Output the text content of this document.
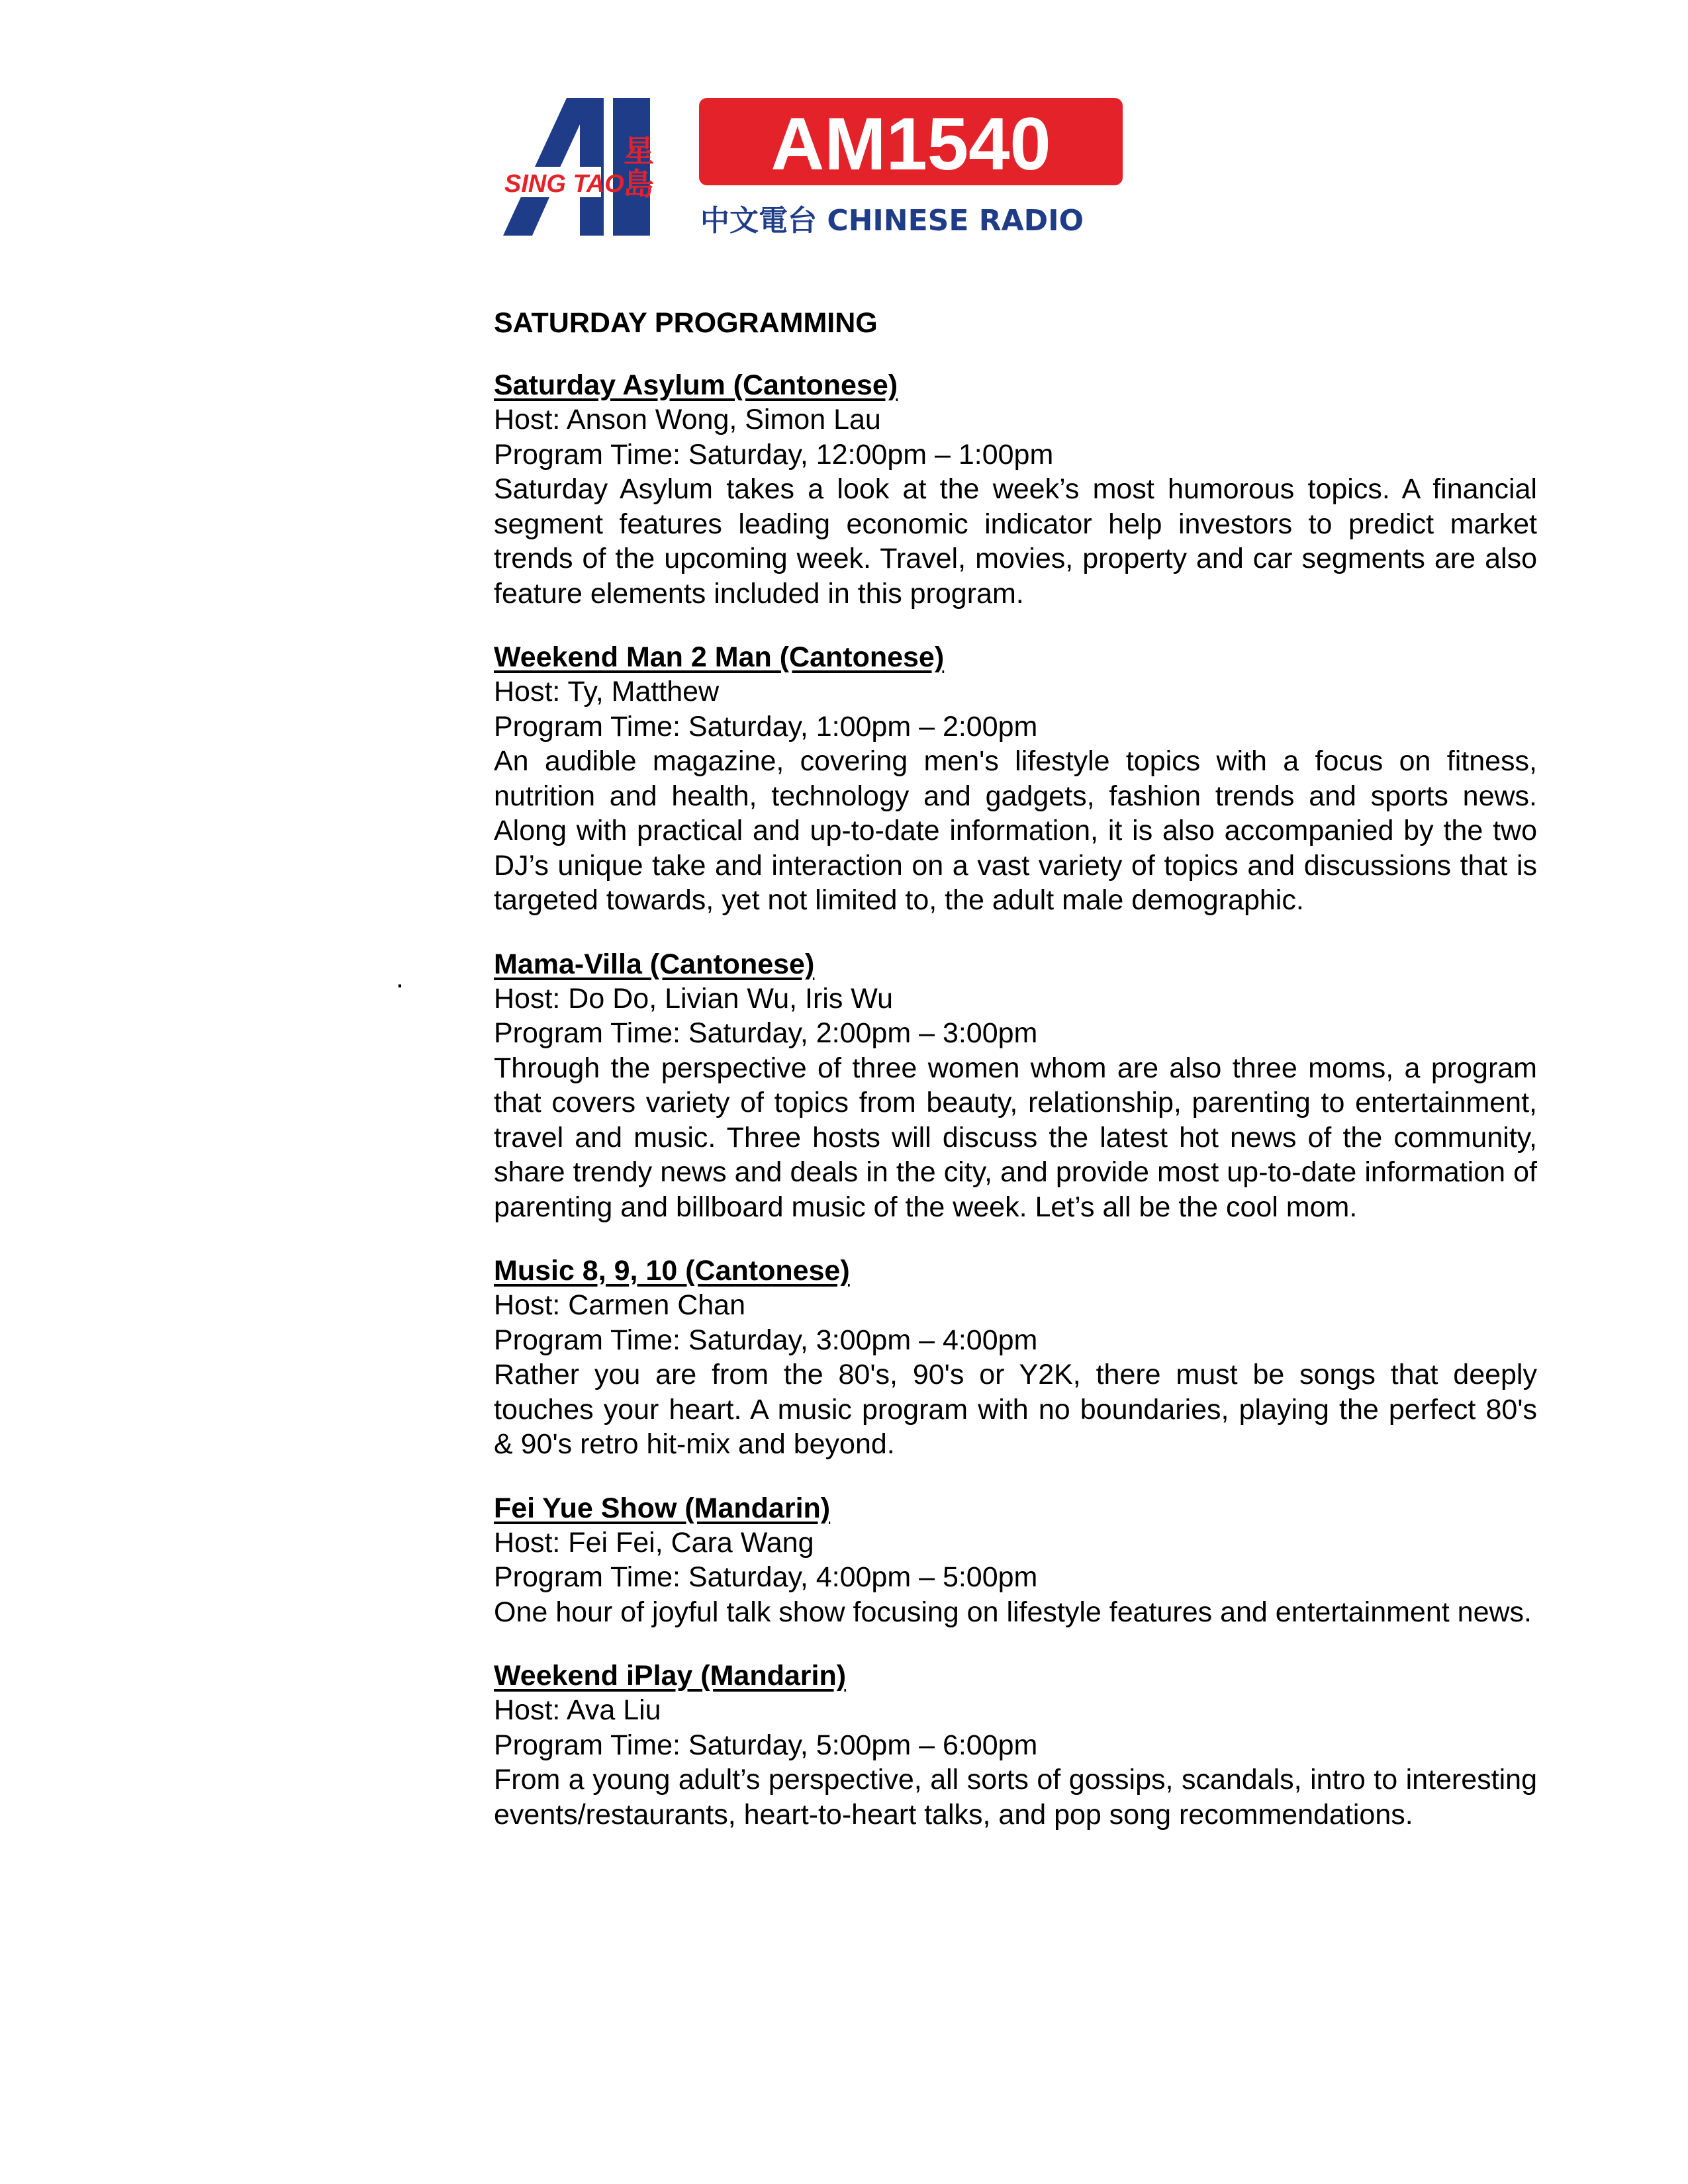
SING TAO
星
島 AM1540
中文電台 CHINESE RADIO
.
SATURDAY PROGRAMMING
Saturday Asylum (Cantonese)
Host: Anson Wong, Simon Lau
Program Time: Saturday, 12:00pm – 1:00pm
Saturday Asylum takes a look at the week’s most humorous topics. A financial segment features leading economic indicator help investors to predict market trends of the upcoming week. Travel, movies, property and car segments are also feature elements included in this program.
Weekend Man 2 Man (Cantonese)
Host: Ty, Matthew
Program Time: Saturday, 1:00pm – 2:00pm
An audible magazine, covering men's lifestyle topics with a focus on fitness, nutrition and health, technology and gadgets, fashion trends and sports news. Along with practical and up-to-date information, it is also accompanied by the two DJ’s unique take and interaction on a vast variety of topics and discussions that is targeted towards, yet not limited to, the adult male demographic.
Mama-Villa (Cantonese)
Host: Do Do, Livian Wu, Iris Wu
Program Time: Saturday, 2:00pm – 3:00pm
Through the perspective of three women whom are also three moms, a program that covers variety of topics from beauty, relationship, parenting to entertainment, travel and music. Three hosts will discuss the latest hot news of the community, share trendy news and deals in the city, and provide most up-to-date information of parenting and billboard music of the week. Let’s all be the cool mom.
Music 8, 9, 10 (Cantonese)
Host: Carmen Chan
Program Time: Saturday, 3:00pm – 4:00pm
Rather you are from the 80's, 90's or Y2K, there must be songs that deeply touches your heart. A music program with no boundaries, playing the perfect 80's & 90's retro hit-mix and beyond.
Fei Yue Show (Mandarin)
Host: Fei Fei, Cara Wang
Program Time: Saturday, 4:00pm – 5:00pm
One hour of joyful talk show focusing on lifestyle features and entertainment news.
Weekend iPlay (Mandarin)
Host: Ava Liu
Program Time: Saturday, 5:00pm – 6:00pm
From a young adult’s perspective, all sorts of gossips, scandals, intro to interesting events/restaurants, heart-to-heart talks, and pop song recommendations.
